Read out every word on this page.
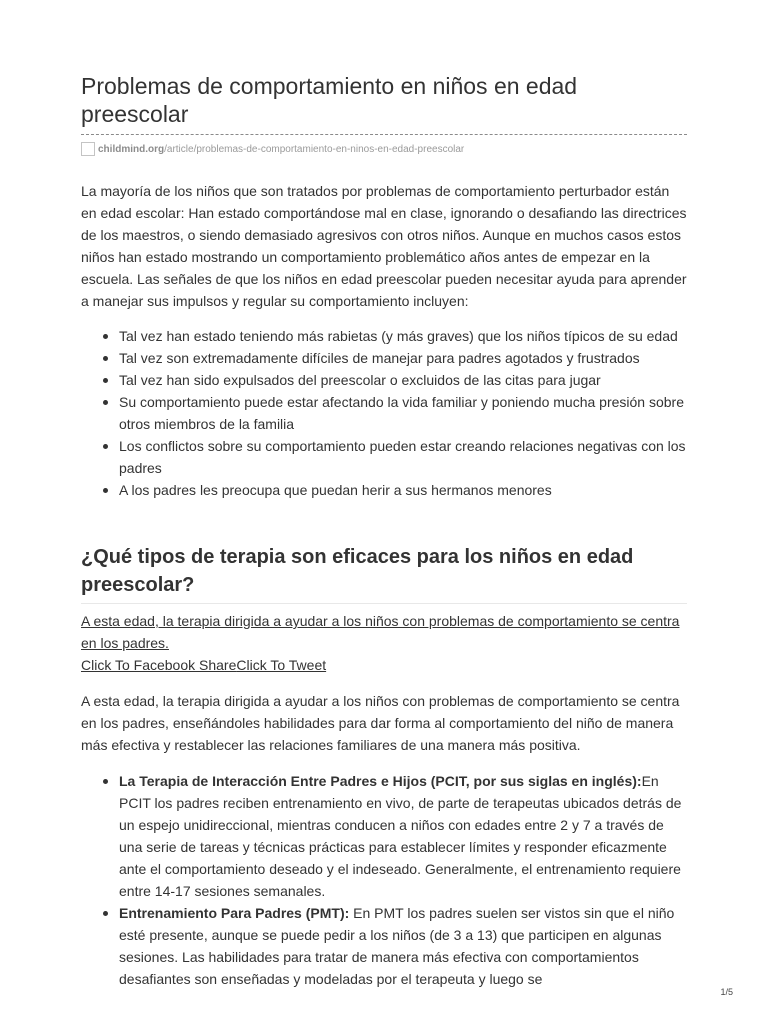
Problemas de comportamiento en niños en edad preescolar
childmind.org /article/problemas-de-comportamiento-en-ninos-en-edad-preescolar

La mayoría de los niños que son tratados por problemas de comportamiento perturbador están en edad escolar: Han estado comportándose mal en clase, ignorando o desafiando las directrices de los maestros, o siendo demasiado agresivos con otros niños. Aunque en muchos casos estos niños han estado mostrando un comportamiento problemático años antes de empezar en la escuela. Las señales de que los niños en edad preescolar pueden necesitar ayuda para aprender a manejar sus impulsos y regular su comportamiento incluyen:

Tal vez han estado teniendo más rabietas (y más graves) que los niños típicos de su edad
Tal vez son extremadamente difíciles de manejar para padres agotados y frustrados
Tal vez han sido expulsados del preescolar o excluidos de las citas para jugar
Su comportamiento puede estar afectando la vida familiar y poniendo mucha presión sobre otros miembros de la familia
Los conflictos sobre su comportamiento pueden estar creando relaciones negativas con los padres
A los padres les preocupa que puedan herir a sus hermanos menores
¿Qué tipos de terapia son eficaces para los niños en edad preescolar?
A esta edad, la terapia dirigida a ayudar a los niños con problemas de comportamiento se centra en los padres.
Click To Facebook ShareClick To Tweet

A esta edad, la terapia dirigida a ayudar a los niños con problemas de comportamiento se centra en los padres, enseñándoles habilidades para dar forma al comportamiento del niño de manera más efectiva y restablecer las relaciones familiares de una manera más positiva.

La Terapia de Interacción Entre Padres e Hijos (PCIT, por sus siglas en inglés):En PCIT los padres reciben entrenamiento en vivo, de parte de terapeutas ubicados detrás de un espejo unidireccional, mientras conducen a niños con edades entre 2 y 7 a través de una serie de tareas y técnicas prácticas para establecer límites y responder eficazmente ante el comportamiento deseado y el indeseado. Generalmente, el entrenamiento requiere entre 14-17 sesiones semanales.
Entrenamiento Para Padres (PMT): En PMT los padres suelen ser vistos sin que el niño esté presente, aunque se puede pedir a los niños (de 3 a 13) que participen en algunas sesiones. Las habilidades para tratar de manera más efectiva con comportamientos desafiantes son enseñadas y modeladas por el terapeuta y luego se
1/5
